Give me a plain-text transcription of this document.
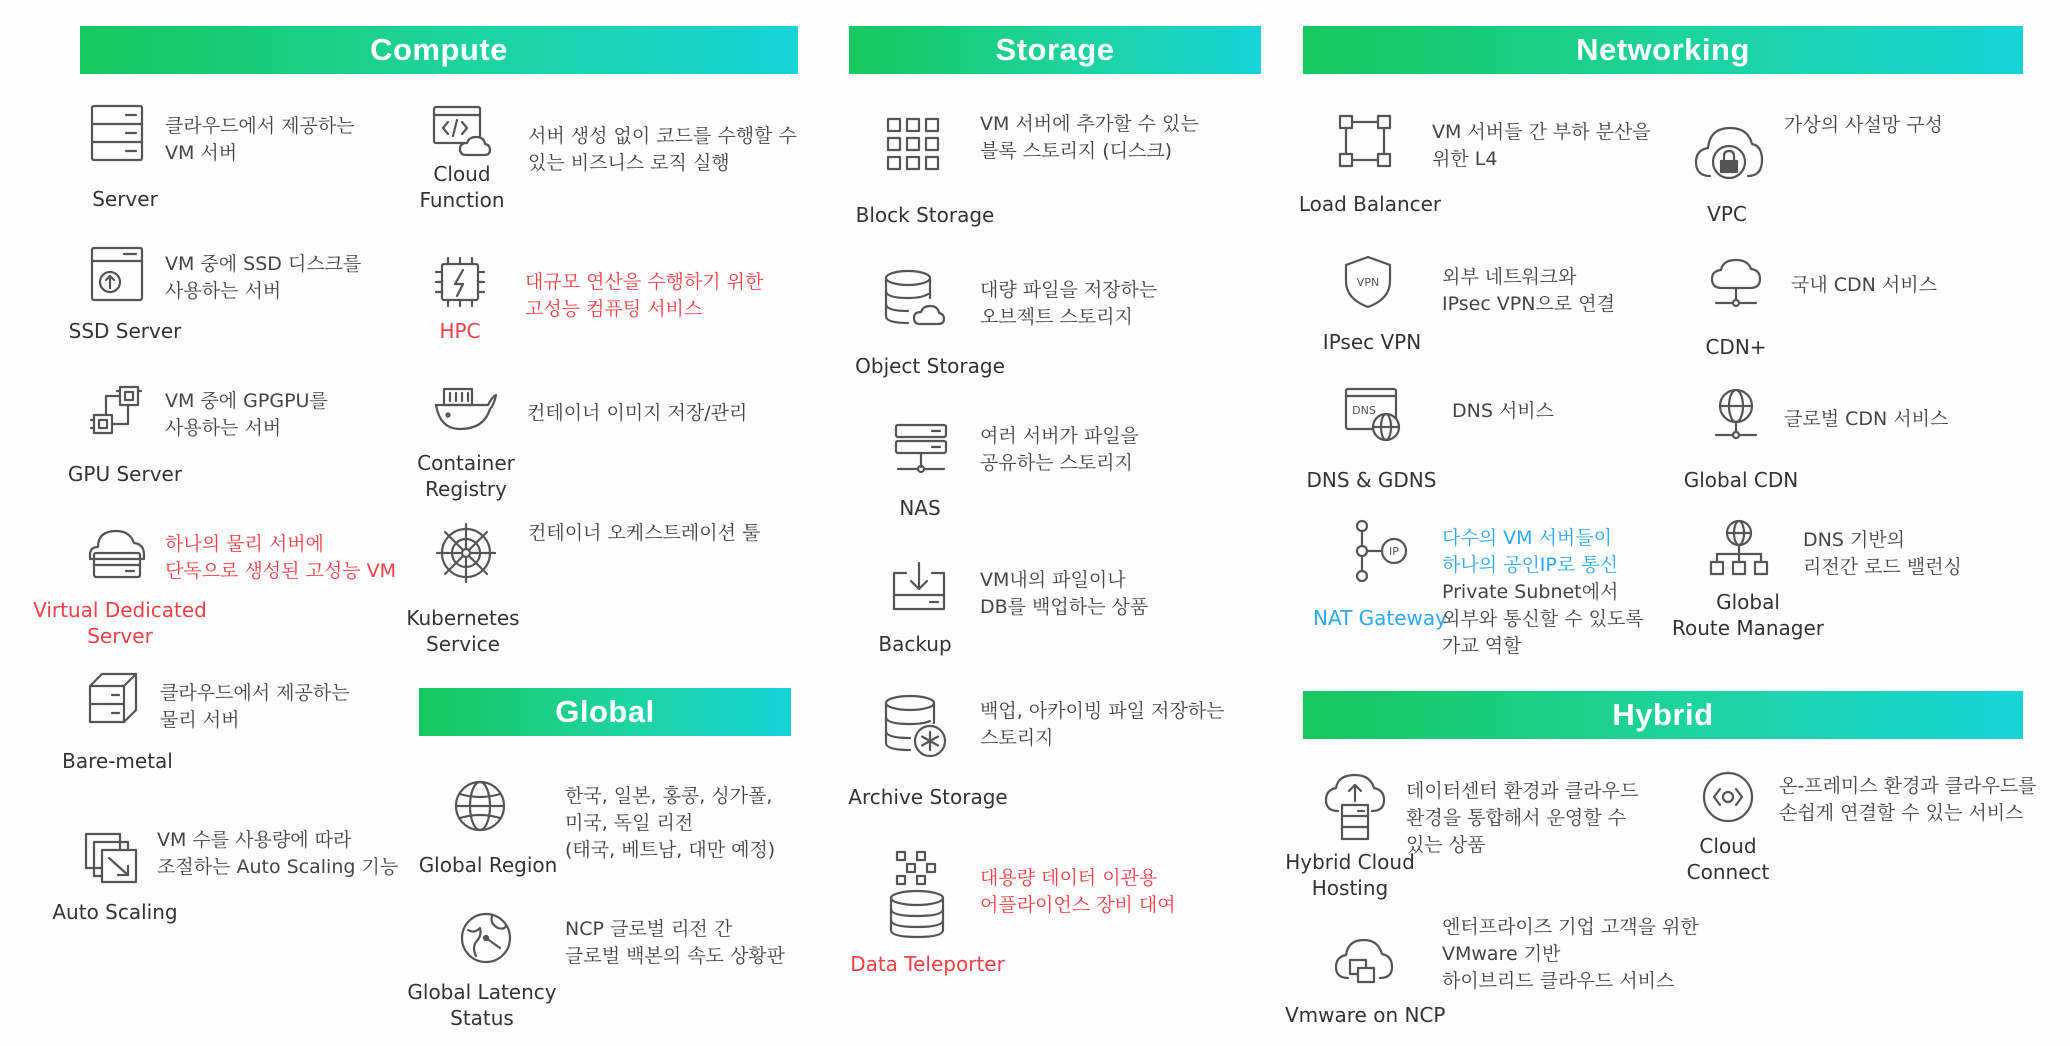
Compute	Storage	Networking
Global	Hybrid
Server
클라우드에서 제공하는
VM 서버
SSD Server
VM 중에 SSD 디스크를
사용하는 서버
GPU Server
VM 중에 GPGPU를
사용하는 서버
Virtual Dedicated
Server
하나의 물리 서버에
단독으로 생성된 고성능 VM
Bare-metal
클라우드에서 제공하는
물리 서버
Auto Scaling
VM 수를 사용량에 따라
조절하는 Auto Scaling 기능
Cloud
Function
서버 생성 없이 코드를 수행할 수
있는 비즈니스 로직 실행
HPC
대규모 연산을 수행하기 위한
고성능 컴퓨팅 서비스
Container
Registry
컨테이너 이미지 저장/관리
Kubernetes
Service
컨테이너 오케스트레이션 툴
Global Region
한국, 일본, 홍콩, 싱가폴,
미국, 독일 리전
(태국, 베트남, 대만 예정)
Global Latency
Status
NCP 글로벌 리전 간
글로벌 백본의 속도 상황판
Block Storage
VM 서버에 추가할 수 있는
블록 스토리지 (디스크)
Object Storage
대량 파일을 저장하는
오브젝트 스토리지
NAS
여러 서버가 파일을
공유하는 스토리지
Backup
VM내의 파일이나
DB를 백업하는 상품
Archive Storage
백업, 아카이빙 파일 저장하는
스토리지
Data Teleporter
대용량 데이터 이관용
어플라이언스 장비 대여
Load Balancer
VM 서버들 간 부하 분산을
위한 L4
VPC
가상의 사설망 구성
VPN
IPsec VPN
외부 네트워크와
IPsec VPN으로 연결
CDN+
국내 CDN 서비스
DNS
DNS & GDNS
DNS 서비스
Global CDN
글로벌 CDN 서비스
IP
NAT Gateway
다수의 VM 서버들이
하나의 공인IP로 통신
Private Subnet에서
외부와 통신할 수 있도록
가교 역할
Global
Route Manager
DNS 기반의
리전간 로드 밸런싱
Hybrid Cloud
Hosting
데이터센터 환경과 클라우드
환경을 통합해서 운영할 수
있는 상품	Cloud
Connect
온-프레미스 환경과 클라우드를
손쉽게 연결할 수 있는 서비스
Vmware on NCP
엔터프라이즈 기업 고객을 위한
VMware 기반
하이브리드 클라우드 서비스
